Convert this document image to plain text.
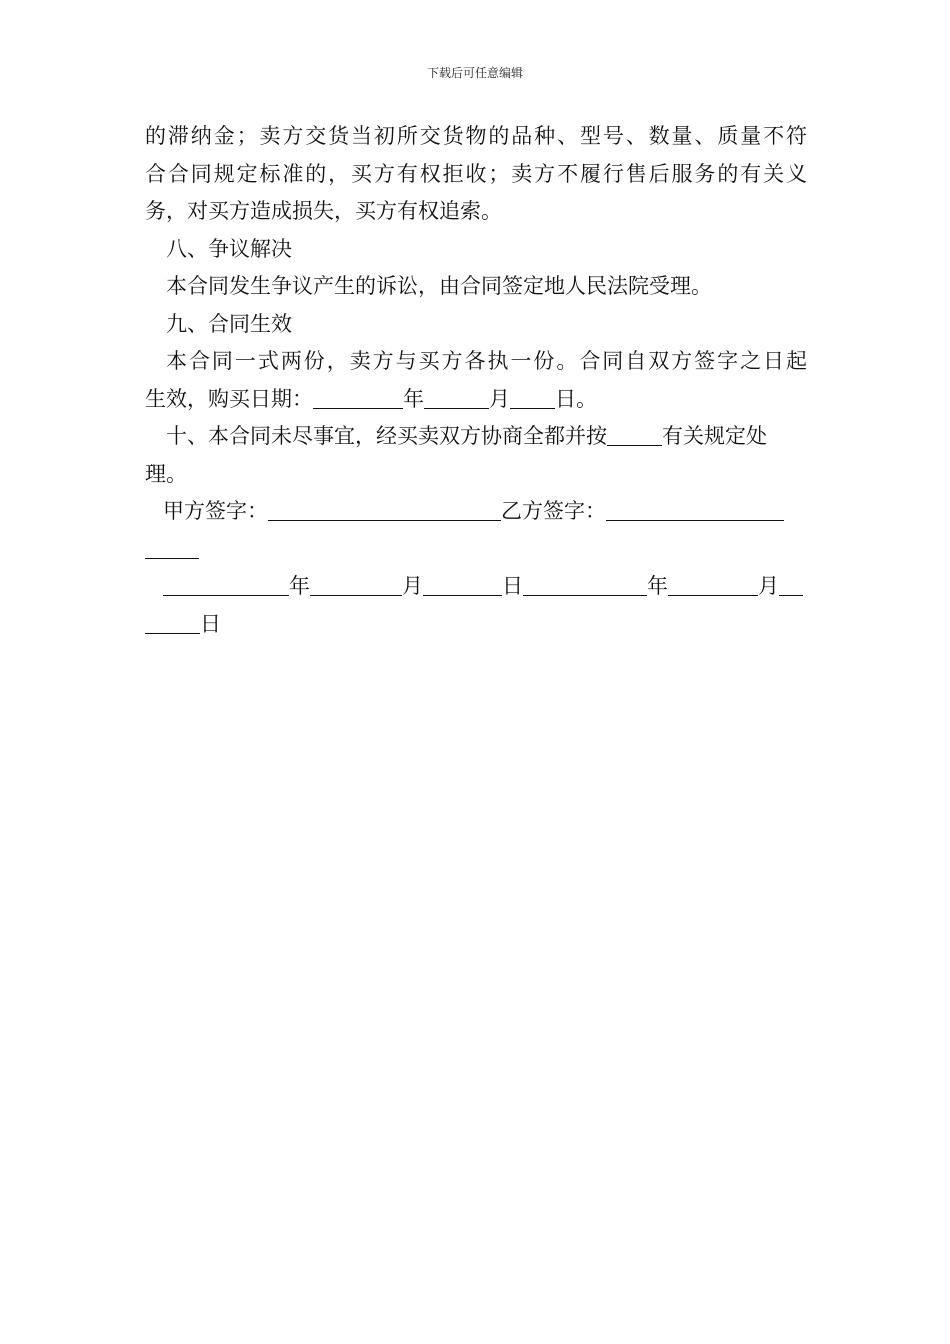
下载后可任意编辑
的滞纳金；卖方交货当初所交货物的品种、型号、数量、质量不符
合合同规定标准的，买方有权拒收；卖方不履行售后服务的有关义
务，对买方造成损失，买方有权追索。
八、争议解决
本合同发生争议产生的诉讼，由合同签定地人民法院受理。
九、合同生效
本合同一式两份，卖方与买方各执一份。合同自双方签字之日起
生效，购买日期：	年	月 日。
十、本合同未尽事宜，经买卖双方协商全都并按	有关规定处
理。
甲方签字：	乙方签字：
年	月	日	年	月
日
